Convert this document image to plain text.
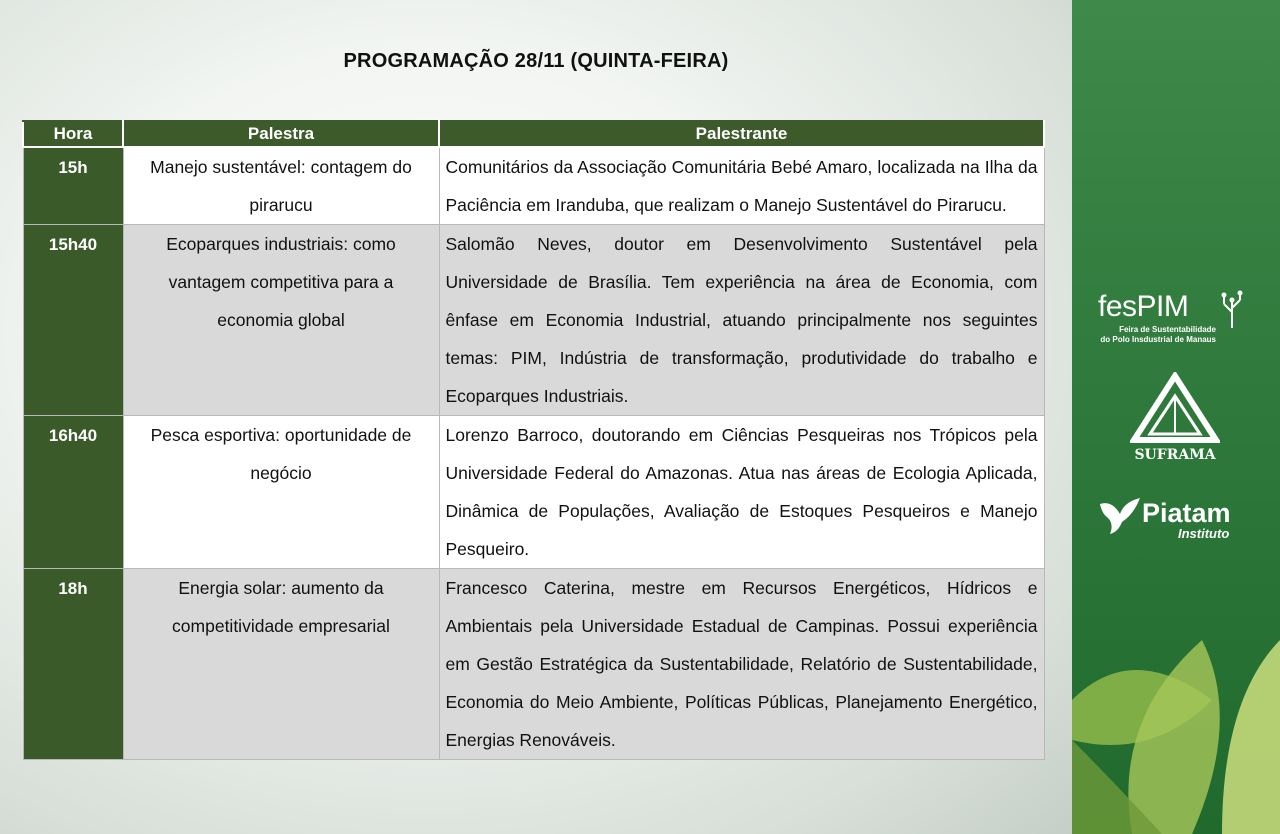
PROGRAMAÇÃO 28/11 (QUINTA-FEIRA)
Hora	Palestra	Palestrante
15h	Manejo sustentável: contagem do pirarucu	Comunitários da Associação Comunitária Bebé Amaro, localizada na Ilha da Paciência em Iranduba, que realizam o Manejo Sustentável do Pirarucu.
15h40	Ecoparques industriais: como vantagem competitiva para a economia global	Salomão Neves, doutor em Desenvolvimento Sustentável pela Universidade de Brasília. Tem experiência na área de Economia, com ênfase em Economia Industrial, atuando principalmente nos seguintes temas: PIM, Indústria de transformação, produtividade do trabalho e Ecoparques Industriais.
16h40	Pesca esportiva: oportunidade de negócio	Lorenzo Barroco, doutorando em Ciências Pesqueiras nos Trópicos pela Universidade Federal do Amazonas. Atua nas áreas de Ecologia Aplicada, Dinâmica de Populações, Avaliação de Estoques Pesqueiros e Manejo Pesqueiro.
18h	Energia solar: aumento da competitividade empresarial	Francesco Caterina, mestre em Recursos Energéticos, Hídricos e Ambientais pela Universidade Estadual de Campinas. Possui experiência em Gestão Estratégica da Sustentabilidade, Relatório de Sustentabilidade, Economia do Meio Ambiente, Políticas Públicas, Planejamento Energético, Energias Renováveis.
fesPIM
Feira de Sustentabilidade
do Polo Insdustrial de Manaus
SUFRAMA
Piatam
Instituto
